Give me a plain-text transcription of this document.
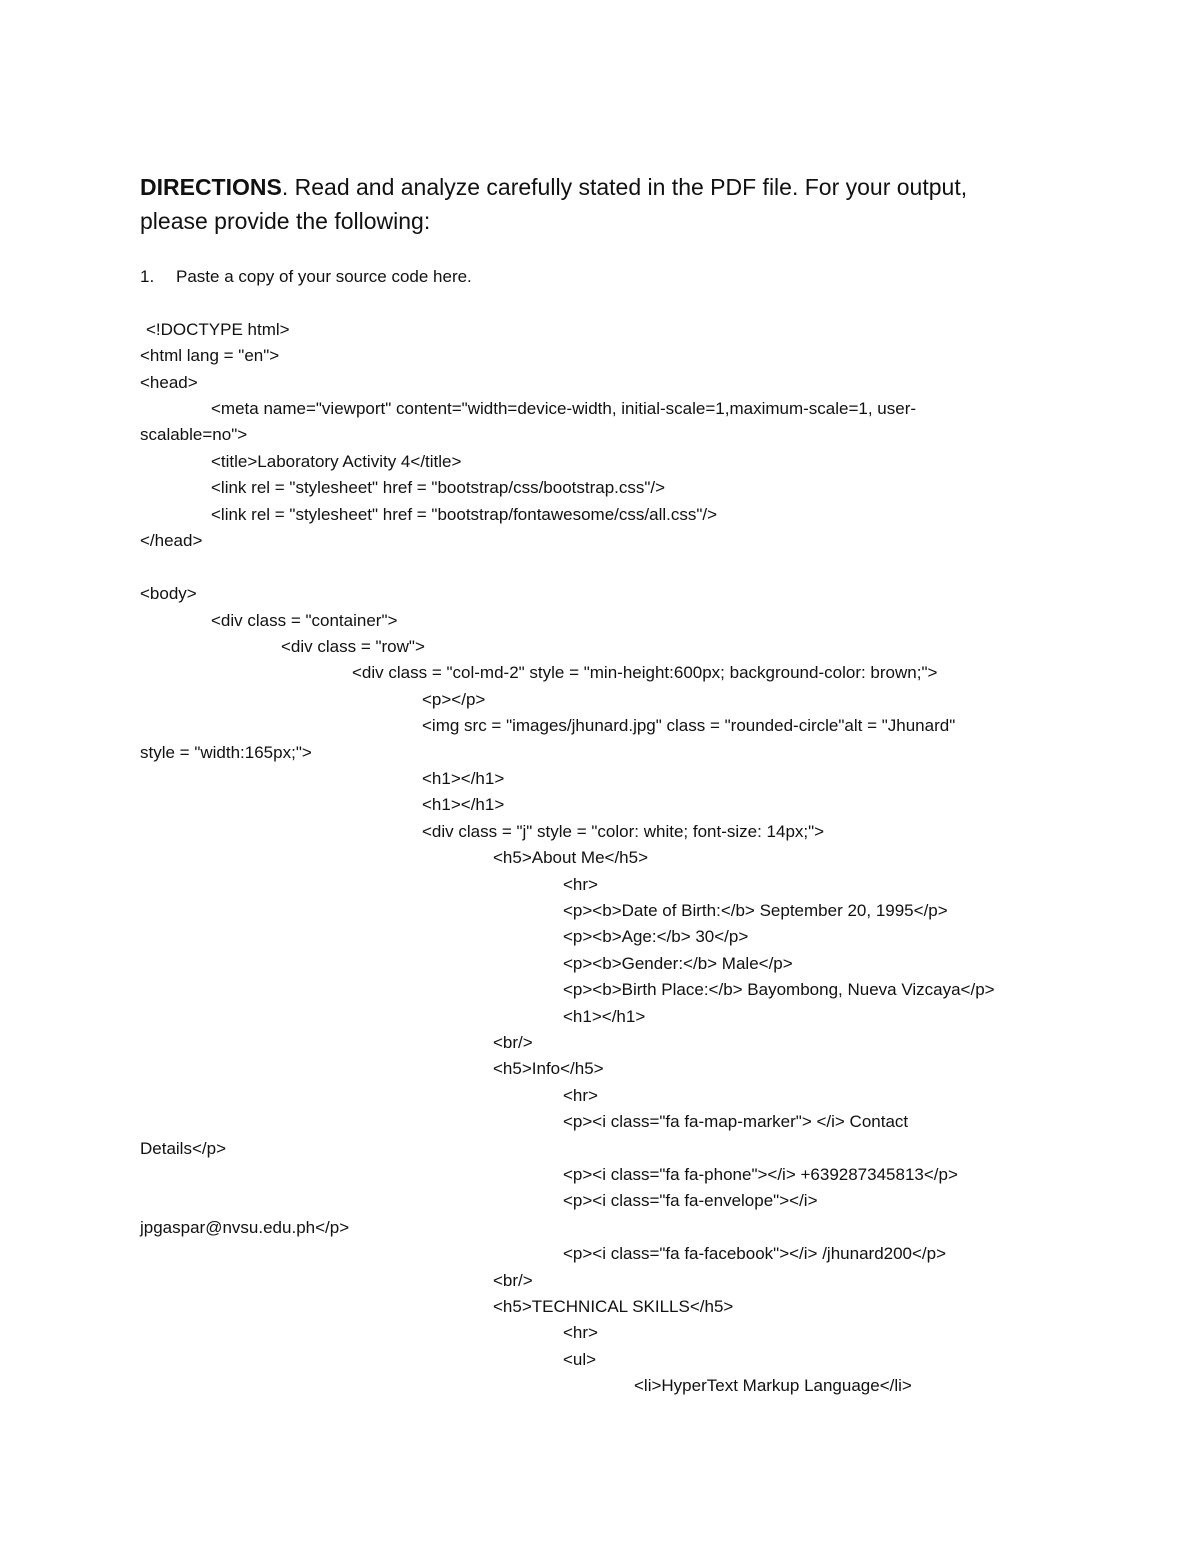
DIRECTIONS. Read and analyze carefully stated in the PDF file. For your output,
please provide the following:
1. Paste a copy of your source code here.
<!DOCTYPE html>
<html lang = "en">
<head>
<meta name="viewport" content="width=device-width, initial-scale=1,maximum-scale=1, user-
scalable=no">
<title>Laboratory Activity 4</title>
<link rel = "stylesheet" href = "bootstrap/css/bootstrap.css"/>
<link rel = "stylesheet" href = "bootstrap/fontawesome/css/all.css"/>
</head>
<body>
<div class = "container">
<div class = "row">
<div class = "col-md-2" style = "min-height:600px; background-color: brown;">
<p></p>
<img src = "images/jhunard.jpg" class = "rounded-circle"alt = "Jhunard"
style = "width:165px;">
<h1></h1>
<h1></h1>
<div class = "j" style = "color: white; font-size: 14px;">
<h5>About Me</h5>
<hr>
<p><b>Date of Birth:</b> September 20, 1995</p>
<p><b>Age:</b> 30</p>
<p><b>Gender:</b> Male</p>
<p><b>Birth Place:</b> Bayombong, Nueva Vizcaya</p>
<h1></h1>
<br/>
<h5>Info</h5>
<hr>
<p><i class="fa fa-map-marker"> </i> Contact
Details</p>
<p><i class="fa fa-phone"></i> +639287345813</p>
<p><i class="fa fa-envelope"></i>
jpgaspar@nvsu.edu.ph</p>
<p><i class="fa fa-facebook"></i> /jhunard200</p>
<br/>
<h5>TECHNICAL SKILLS</h5>
<hr>
<ul>
<li>HyperText Markup Language</li>
